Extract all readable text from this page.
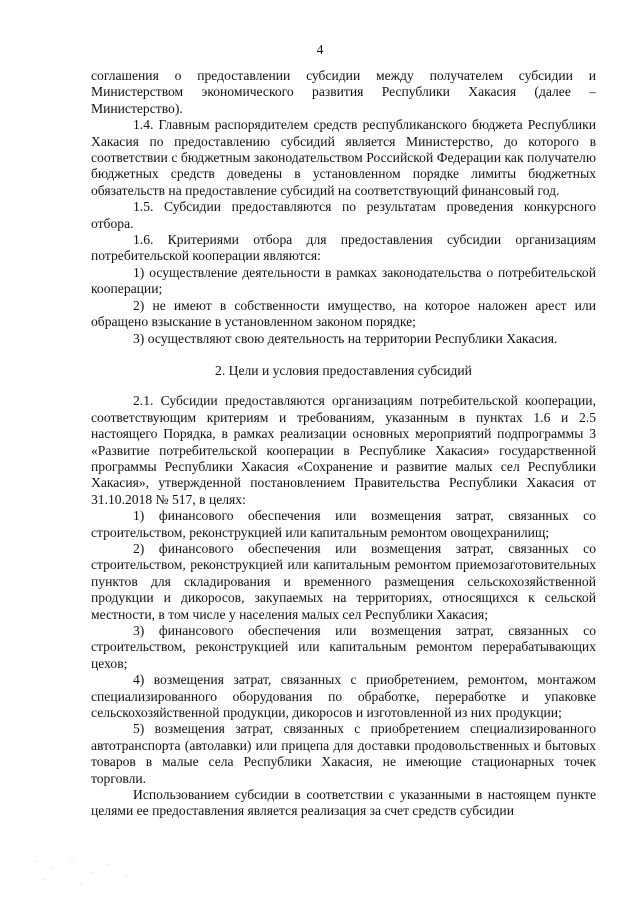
4

соглашения о предоставлении субсидии между получателем субсидии и Министерством экономического развития Республики Хакасия (далее – Министерство).

1.4. Главным распорядителем средств республиканского бюджета Республики Хакасия по предоставлению субсидий является Министерство, до которого в соответствии с бюджетным законодательством Российской Федерации как получателю бюджетных средств доведены в установленном порядке лимиты бюджетных обязательств на предоставление субсидий на соответствующий финансовый год.

1.5. Субсидии предоставляются по результатам проведения конкурсного отбора.

1.6. Критериями отбора для предоставления субсидии организациям потребительской кооперации являются:

1) осуществление деятельности в рамках законодательства о потребительской кооперации;

2) не имеют в собственности имущество, на которое наложен арест или обращено взыскание в установленном законом порядке;

3) осуществляют свою деятельность на территории Республики Хакасия.

2. Цели и условия предоставления субсидий

2.1. Субсидии предоставляются организациям потребительской кооперации, соответствующим критериям и требованиям, указанным в пунктах 1.6 и 2.5 настоящего Порядка, в рамках реализации основных мероприятий подпрограммы 3 «Развитие потребительской кооперации в Республике Хакасия» государственной программы Республики Хакасия «Сохранение и развитие малых сел Республики Хакасия», утвержденной постановлением Правительства Республики Хакасия от 31.10.2018 № 517, в целях:

1) финансового обеспечения или возмещения затрат, связанных со строительством, реконструкцией или капитальным ремонтом овощехранилищ;

2) финансового обеспечения или возмещения затрат, связанных со строительством, реконструкцией или капитальным ремонтом приемозаготовительных пунктов для складирования и временного размещения сельскохозяйственной продукции и дикоросов, закупаемых на территориях, относящихся к сельской местности, в том числе у населения малых сел Республики Хакасия;

3) финансового обеспечения или возмещения затрат, связанных со строительством, реконструкцией или капитальным ремонтом перерабатывающих цехов;

4) возмещения затрат, связанных с приобретением, ремонтом, монтажом специализированного оборудования по обработке, переработке и упаковке сельскохозяйственной продукции, дикоросов и изготовленной из них продукции;

5) возмещения затрат, связанных с приобретением специализированного автотранспорта (автолавки) или прицепа для доставки продовольственных и бытовых товаров в малые села Республики Хакасия, не имеющие стационарных точек торговли.

Использованием субсидии в соответствии с указанными в настоящем пункте целями ее предоставления является реализация за счет средств субсидии
